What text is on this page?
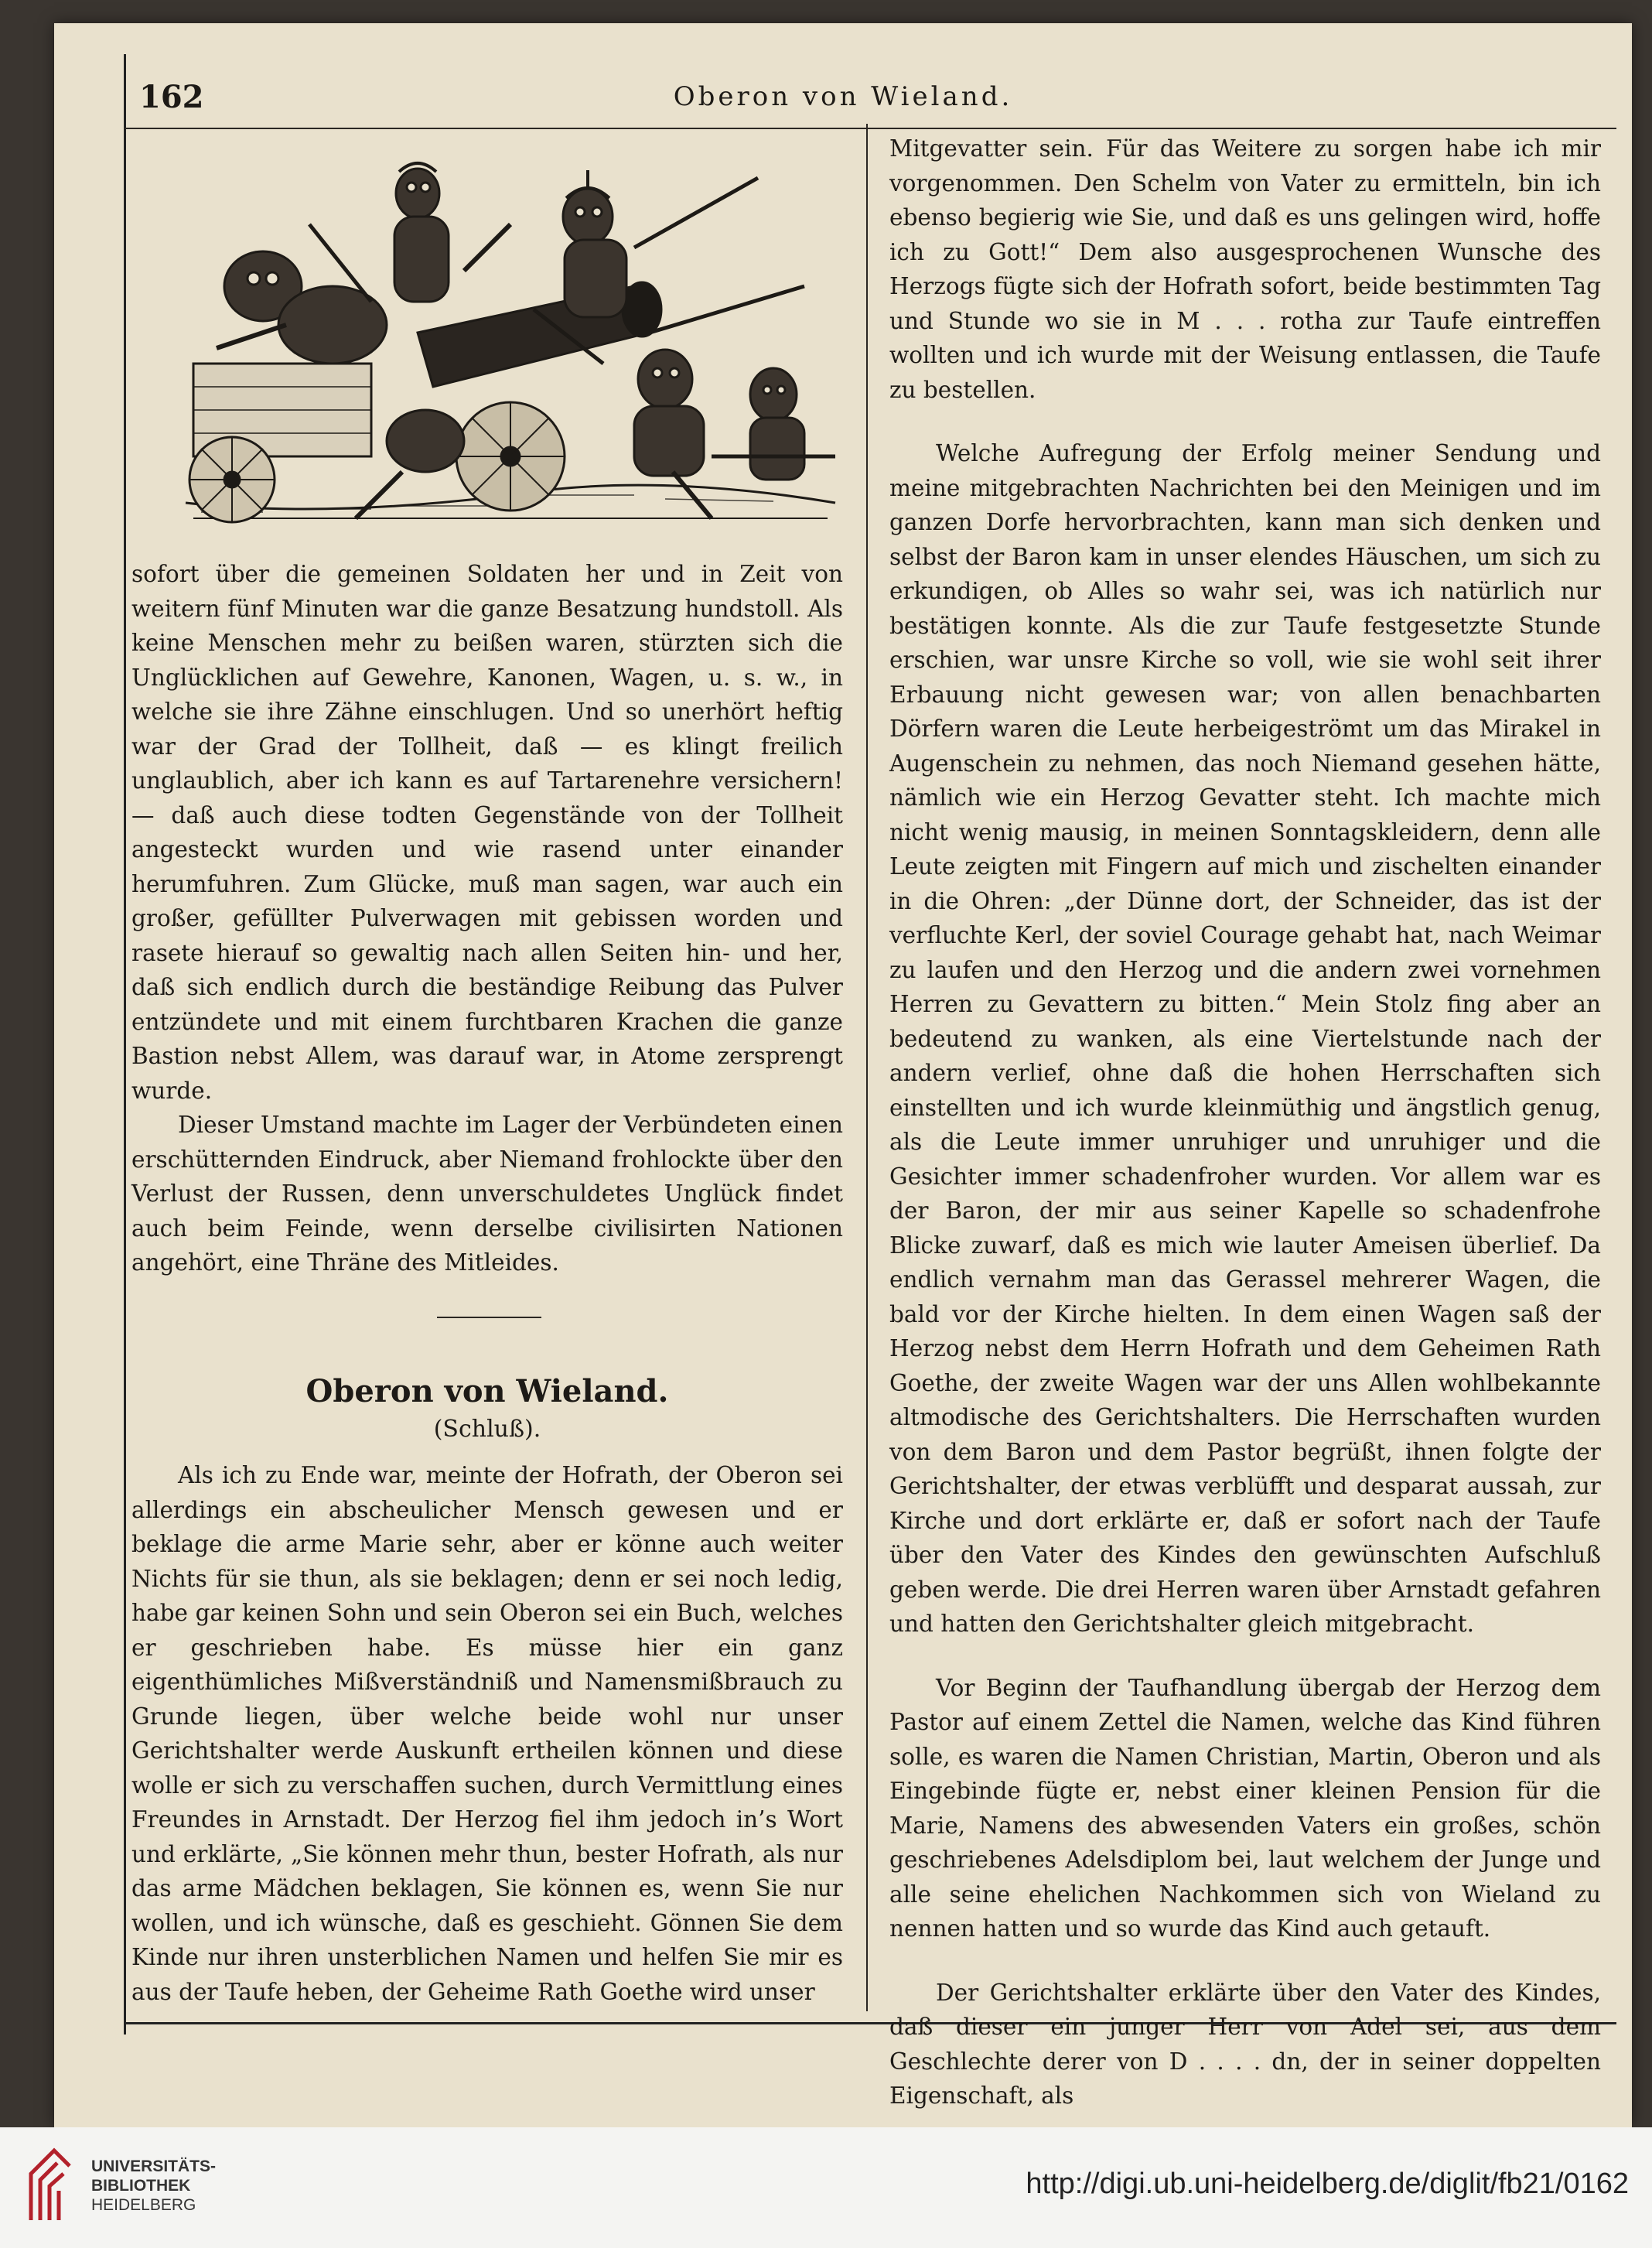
162	Oberon von Wieland.

sofort über die gemeinen Soldaten her und in Zeit von weitern fünf Minuten war die ganze Besatzung hundstoll. Als keine Menschen mehr zu beißen waren, stürzten sich die Unglücklichen auf Gewehre, Kanonen, Wagen, u. s. w., in welche sie ihre Zähne einschlugen. Und so unerhört heftig war der Grad der Tollheit, daß — es klingt freilich unglaublich, aber ich kann es auf Tartarenehre versichern! — daß auch diese todten Gegenstände von der Tollheit angesteckt wurden und wie rasend unter einander herumfuhren. Zum Glücke, muß man sagen, war auch ein großer, gefüllter Pulverwagen mit gebissen worden und rasete hierauf so gewaltig nach allen Seiten hin- und her, daß sich endlich durch die beständige Reibung das Pulver entzündete und mit einem furchtbaren Krachen die ganze Bastion nebst Allem, was darauf war, in Atome zersprengt wurde.

Dieser Umstand machte im Lager der Verbündeten einen erschütternden Eindruck, aber Niemand frohlockte über den Verlust der Russen, denn unverschuldetes Unglück findet auch beim Feinde, wenn derselbe civilisirten Nationen angehört, eine Thräne des Mitleides.

Oberon von Wieland.
(Schluß).

Als ich zu Ende war, meinte der Hofrath, der Oberon sei allerdings ein abscheulicher Mensch gewesen und er beklage die arme Marie sehr, aber er könne auch weiter Nichts für sie thun, als sie beklagen; denn er sei noch ledig, habe gar keinen Sohn und sein Oberon sei ein Buch, welches er geschrieben habe. Es müsse hier ein ganz eigenthümliches Mißverständniß und Namensmißbrauch zu Grunde liegen, über welche beide wohl nur unser Gerichtshalter werde Auskunft ertheilen können und diese wolle er sich zu verschaffen suchen, durch Vermittlung eines Freundes in Arnstadt. Der Herzog fiel ihm jedoch in’s Wort und erklärte, „Sie können mehr thun, bester Hofrath, als nur das arme Mädchen beklagen, Sie können es, wenn Sie nur wollen, und ich wünsche, daß es geschieht. Gönnen Sie dem Kinde nur ihren unsterblichen Namen und helfen Sie mir es aus der Taufe heben, der Geheime Rath Goethe wird unser

Mitgevatter sein. Für das Weitere zu sorgen habe ich mir vorgenommen. Den Schelm von Vater zu ermitteln, bin ich ebenso begierig wie Sie, und daß es uns gelingen wird, hoffe ich zu Gott!“ Dem also ausgesprochenen Wunsche des Herzogs fügte sich der Hofrath sofort, beide bestimmten Tag und Stunde wo sie in M . . . rotha zur Taufe eintreffen wollten und ich wurde mit der Weisung entlassen, die Taufe zu bestellen.

Welche Aufregung der Erfolg meiner Sendung und meine mitgebrachten Nachrichten bei den Meinigen und im ganzen Dorfe hervorbrachten, kann man sich denken und selbst der Baron kam in unser elendes Häuschen, um sich zu erkundigen, ob Alles so wahr sei, was ich natürlich nur bestätigen konnte. Als die zur Taufe festgesetzte Stunde erschien, war unsre Kirche so voll, wie sie wohl seit ihrer Erbauung nicht gewesen war; von allen benachbarten Dörfern waren die Leute herbeigeströmt um das Mirakel in Augenschein zu nehmen, das noch Niemand gesehen hätte, nämlich wie ein Herzog Gevatter steht. Ich machte mich nicht wenig mausig, in meinen Sonntagskleidern, denn alle Leute zeigten mit Fingern auf mich und zischelten einander in die Ohren: „der Dünne dort, der Schneider, das ist der verfluchte Kerl, der soviel Courage gehabt hat, nach Weimar zu laufen und den Herzog und die andern zwei vornehmen Herren zu Gevattern zu bitten.“ Mein Stolz fing aber an bedeutend zu wanken, als eine Viertelstunde nach der andern verlief, ohne daß die hohen Herrschaften sich einstellten und ich wurde kleinmüthig und ängstlich genug, als die Leute immer unruhiger und unruhiger und die Gesichter immer schadenfroher wurden. Vor allem war es der Baron, der mir aus seiner Kapelle so schadenfrohe Blicke zuwarf, daß es mich wie lauter Ameisen überlief. Da endlich vernahm man das Gerassel mehrerer Wagen, die bald vor der Kirche hielten. In dem einen Wagen saß der Herzog nebst dem Herrn Hofrath und dem Geheimen Rath Goethe, der zweite Wagen war der uns Allen wohlbekannte altmodische des Gerichtshalters. Die Herrschaften wurden von dem Baron und dem Pastor begrüßt, ihnen folgte der Gerichtshalter, der etwas verblüfft und desparat aussah, zur Kirche und dort erklärte er, daß er sofort nach der Taufe über den Vater des Kindes den gewünschten Aufschluß geben werde. Die drei Herren waren über Arnstadt gefahren und hatten den Gerichtshalter gleich mitgebracht.

Vor Beginn der Taufhandlung übergab der Herzog dem Pastor auf einem Zettel die Namen, welche das Kind führen solle, es waren die Namen Christian, Martin, Oberon und als Eingebinde fügte er, nebst einer kleinen Pension für die Marie, Namens des abwesenden Vaters ein großes, schön geschriebenes Adelsdiplom bei, laut welchem der Junge und alle seine ehelichen Nachkommen sich von Wieland zu nennen hatten und so wurde das Kind auch getauft.

Der Gerichtshalter erklärte über den Vater des Kindes, daß dieser ein junger Herr von Adel sei, aus dem Geschlechte derer von D . . . . dn, der in seiner doppelten Eigenschaft, als

UNIVERSITÄTS-
BIBLIOTHEK
HEIDELBERG
http://digi.ub.uni-heidelberg.de/diglit/fb21/0162
